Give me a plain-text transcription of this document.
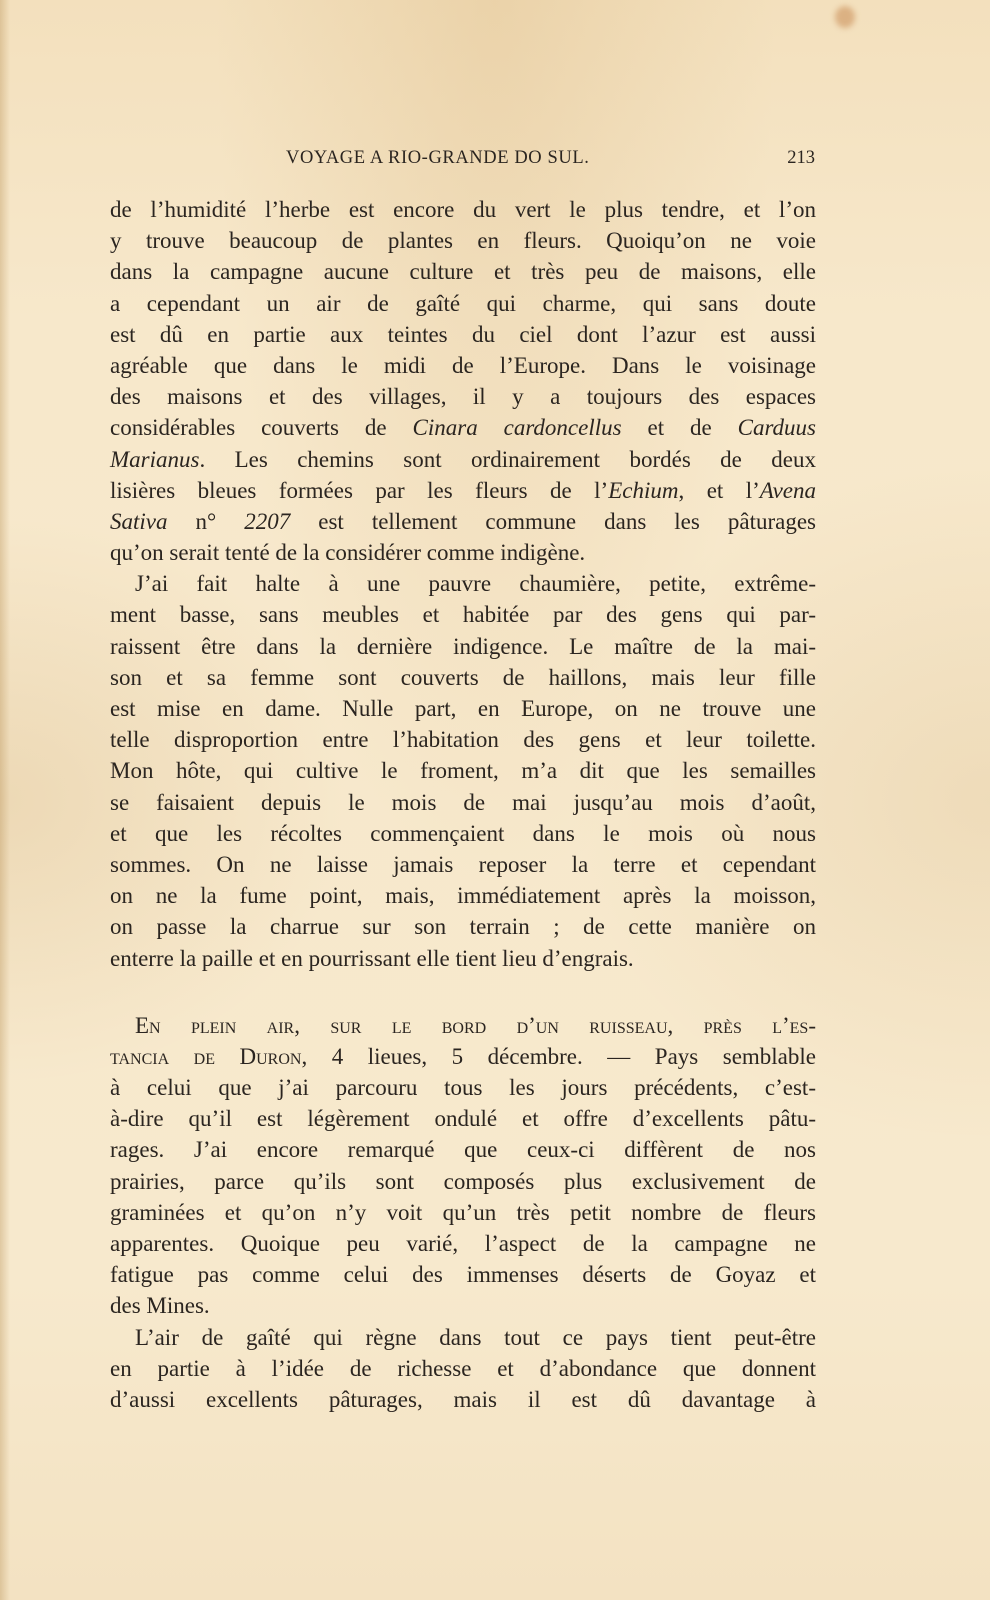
VOYAGE A RIO-GRANDE DO SUL.	213
de l’humidité l’herbe est encore du vert le plus tendre, et l’on
y trouve beaucoup de plantes en fleurs. Quoiqu’on ne voie
dans la campagne aucune culture et très peu de maisons, elle
a cependant un air de gaîté qui charme, qui sans doute
est dû en partie aux teintes du ciel dont l’azur est aussi
agréable que dans le midi de l’Europe. Dans le voisinage
des maisons et des villages, il y a toujours des espaces
considérables couverts de Cinara cardoncellus et de Carduus
Marianus. Les chemins sont ordinairement bordés de deux
lisières bleues formées par les fleurs de l’Echium, et l’Avena
Sativa n° 2207 est tellement commune dans les pâturages
qu’on serait tenté de la considérer comme indigène.
J’ai fait halte à une pauvre chaumière, petite, extrême-
ment basse, sans meubles et habitée par des gens qui par-
raissent être dans la dernière indigence. Le maître de la mai-
son et sa femme sont couverts de haillons, mais leur fille
est mise en dame. Nulle part, en Europe, on ne trouve une
telle disproportion entre l’habitation des gens et leur toilette.
Mon hôte, qui cultive le froment, m’a dit que les semailles
se faisaient depuis le mois de mai jusqu’au mois d’août,
et que les récoltes commençaient dans le mois où nous
sommes. On ne laisse jamais reposer la terre et cependant
on ne la fume point, mais, immédiatement après la moisson,
on passe la charrue sur son terrain ; de cette manière on
enterre la paille et en pourrissant elle tient lieu d’engrais.
En plein air, sur le bord d’un ruisseau, près l’es-
tancia de Duron, 4 lieues, 5 décembre. — Pays semblable
à celui que j’ai parcouru tous les jours précédents, c’est-
à-dire qu’il est légèrement ondulé et offre d’excellents pâtu-
rages. J’ai encore remarqué que ceux-ci diffèrent de nos
prairies, parce qu’ils sont composés plus exclusivement de
graminées et qu’on n’y voit qu’un très petit nombre de fleurs
apparentes. Quoique peu varié, l’aspect de la campagne ne
fatigue pas comme celui des immenses déserts de Goyaz et
des Mines.
L’air de gaîté qui règne dans tout ce pays tient peut-être
en partie à l’idée de richesse et d’abondance que donnent
d’aussi excellents pâturages, mais il est dû davantage à
